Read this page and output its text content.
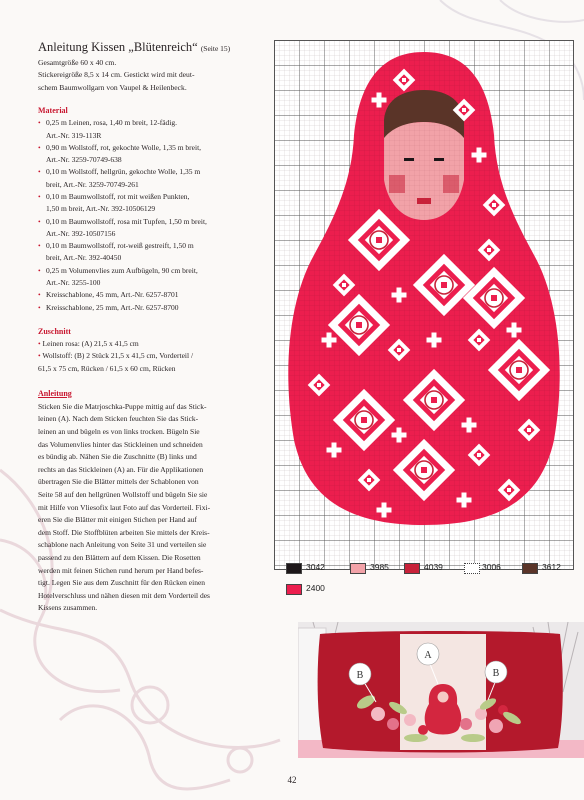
Anleitung Kissen „Blütenreich“ (Seite 15)

Gesamtgröße 60 x 40 cm.
Stickereigröße 8,5 x 14 cm. Gestickt wird mit deut-
schem Baumwollgarn von Vaupel & Heilenbeck.

Material
• 0,25 m Leinen, rosa, 1,40 m breit, 12-fädig.
Art.-Nr. 319-113R
• 0,90 m Wollstoff, rot, gekochte Wolle, 1,35 m breit,
Art.-Nr. 3259-70749-638
• 0,10 m Wollstoff, hellgrün, gekochte Wolle, 1,35 m
breit, Art.-Nr. 3259-70749-261
• 0,10 m Baumwollstoff, rot mit weißen Punkten,
1,50 m breit, Art.-Nr. 392-10506129
• 0,10 m Baumwollstoff, rosa mit Tupfen, 1,50 m breit,
Art.-Nr. 392-10507156
• 0,10 m Baumwollstoff, rot-weiß gestreift, 1,50 m
breit, Art.-Nr. 392-40450
• 0,25 m Volumenvlies zum Aufbügeln, 90 cm breit,
Art.-Nr. 3255-100
• Kreisschablone, 45 mm, Art.-Nr. 6257-8701
• Kreisschablone, 25 mm, Art.-Nr. 6257-8700
Zuschnitt

• Leinen rosa: (A) 21,5 x 41,5 cm
• Wollstoff: (B) 2 Stück 21,5 x 41,5 cm, Vorderteil /
61,5 x 75 cm, Rücken / 61,5 x 60 cm, Rücken

Anleitung

Sticken Sie die Matrjoschka-Puppe mittig auf das Stick-
leinen (A). Nach dem Sticken feuchten Sie das Stick-
leinen an und bügeln es von links trocken. Bügeln Sie
das Volumenvlies hinter das Stickleinen und schneiden
es bündig ab. Nähen Sie die Zuschnitte (B) links und
rechts an das Stickleinen (A) an. Für die Applikationen
übertragen Sie die Blätter mittels der Schablonen von
Seite 58 auf den hellgrünen Wollstoff und bügeln Sie sie
mit Hilfe von Vliesofix laut Foto auf das Vorderteil. Fixi-
eren Sie die Blätter mit einigen Stichen per Hand auf
dem Stoff. Die Stoffblüten arbeiten Sie mittels der Kreis-
schablone nach Anleitung von Seite 31 und verteilen sie
passend zu den Blättern auf dem Kissen. Die Rosetten
werden mit feinen Stichen rund herum per Hand befes-
tigt. Legen Sie aus dem Zuschnitt für den Rücken einen
Hotelverschluss und nähen diesen mit dem Vorderteil des
Kissens zusammen.

3042	3985	4039	3006	3612
2400
B
A
B
42
